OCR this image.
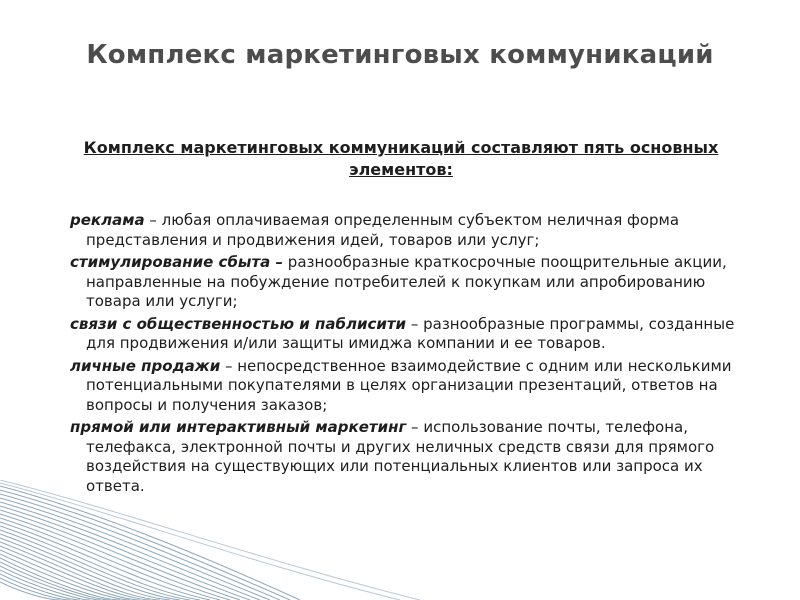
Комплекс маркетинговых коммуникаций
Комплекс маркетинговых коммуникаций составляют пять основных элементов:

реклама – любая оплачиваемая определенным субъектом неличная форма представления и продвижения идей, товаров или услуг;

стимулирование сбыта – разнообразные краткосрочные поощрительные акции, направленные на побуждение потребителей к покупкам или апробированию товара или услуги;

связи с общественностью и паблисити – разнообразные программы, созданные для продвижения и/или защиты имиджа компании и ее товаров.

личные продажи – непосредственное взаимодействие с одним или несколькими потенциальными покупателями в целях организации презентаций, ответов на вопросы и получения заказов;

прямой или интерактивный маркетинг – использование почты, телефона, телефакса, электронной почты и других неличных средств связи для прямого воздействия на существующих или потенциальных клиентов или запроса их ответа.
